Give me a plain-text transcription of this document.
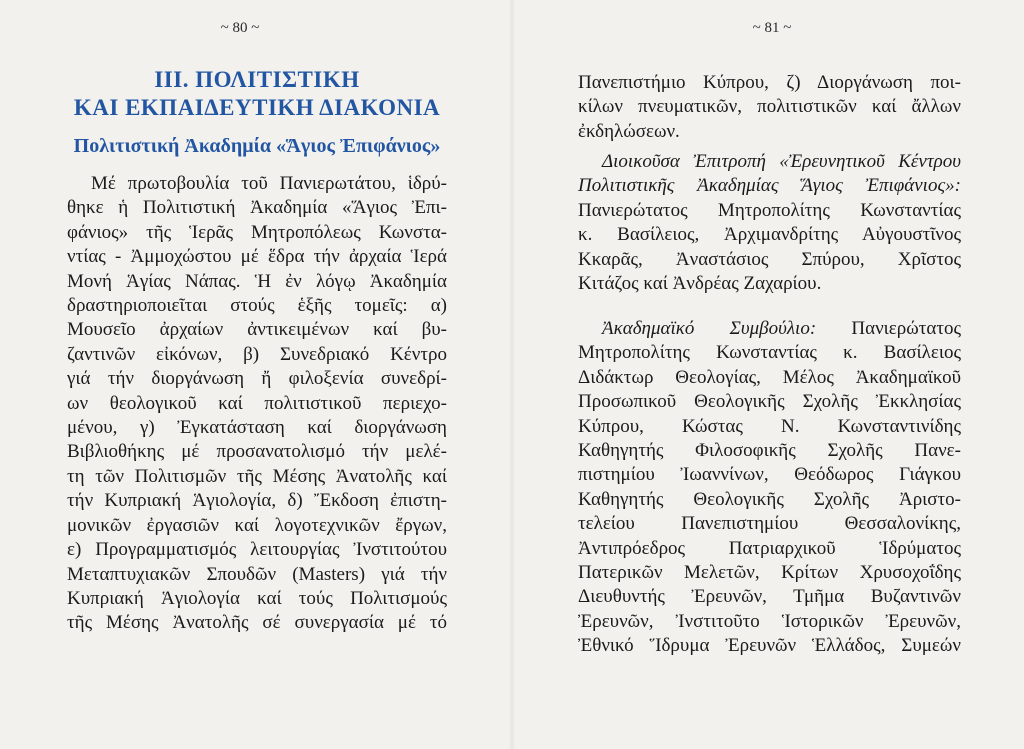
~ 80 ~
III. ΠΟΛΙΤΙΣΤΙΚΗ
ΚΑΙ ΕΚΠΑΙΔΕΥΤΙΚΗ ΔΙΑΚΟΝΙΑ
Πολιτιστική Ἀκαδημία «Ἅγιος Ἐπιφάνιος»
Μέ πρωτοβουλία τοῦ Πανιερωτάτου, ἱδρύ-
θηκε ἡ Πολιτιστική Ἀκαδημία «Ἅγιος Ἐπι-
φάνιος» τῆς Ἱερᾶς Μητροπόλεως Κωνστα-
ντίας - Ἀμμοχώστου μέ ἕδρα τήν ἀρχαία Ἱερά
Μονή Ἁγίας Νάπας. Ἡ ἐν λόγῳ Ἀκαδημία
δραστηριοποιεῖται στούς ἑξῆς τομεῖς: α)
Μουσεῖο ἀρχαίων ἀντικειμένων καί βυ-
ζαντινῶν εἰκόνων, β) Συνεδριακό Κέντρο
γιά τήν διοργάνωση ἤ φιλοξενία συνεδρί-
ων θεολογικοῦ καί πολιτιστικοῦ περιεχο-
μένου, γ) Ἐγκατάσταση καί διοργάνωση
Βιβλιοθήκης μέ προσανατολισμό τήν μελέ-
τη τῶν Πολιτισμῶν τῆς Μέσης Ἀνατολῆς καί
τήν Κυπριακή Ἁγιολογία, δ) Ἔκδοση ἐπιστη-
μονικῶν ἐργασιῶν καί λογοτεχνικῶν ἔργων,
ε) Προγραμματισμός λειτουργίας Ἰνστιτούτου
Μεταπτυχιακῶν Σπουδῶν (Masters) γιά τήν
Κυπριακή Ἁγιολογία καί τούς Πολιτισμούς
τῆς Μέσης Ἀνατολῆς σέ συνεργασία μέ τό
~ 81 ~
Πανεπιστήμιο Κύπρου, ζ) Διοργάνωση ποι-
κίλων πνευματικῶν, πολιτιστικῶν καί ἄλλων
ἐκδηλώσεων.
Διοικοῦσα Ἐπιτροπή «Ἐρευνητικοῦ Κέντρου
Πολιτιστικῆς Ἀκαδημίας Ἅγιος Ἐπιφάνιος»:
Πανιερώτατος Μητροπολίτης Κωνσταντίας
κ. Βασίλειος, Ἀρχιμανδρίτης Αὐγουστῖνος
Κκαρᾶς, Ἀναστάσιος Σπύρου, Χρῖστος
Κιτάζος καί Ἀνδρέας Ζαχαρίου.
Ἀκαδημαϊκό Συμβούλιο: Πανιερώτατος
Μητροπολίτης Κωνσταντίας κ. Βασίλειος
Διδάκτωρ Θεολογίας, Μέλος Ἀκαδημαϊκοῦ
Προσωπικοῦ Θεολογικῆς Σχολῆς Ἐκκλησίας
Κύπρου, Κώστας Ν. Κωνσταντινίδης
Καθηγητής Φιλοσοφικῆς Σχολῆς Πανε-
πιστημίου Ἰωαννίνων, Θεόδωρος Γιάγκου
Καθηγητής Θεολογικῆς Σχολῆς Ἀριστο-
τελείου Πανεπιστημίου Θεσσαλονίκης,
Ἀντιπρόεδρος Πατριαρχικοῦ Ἱδρύματος
Πατερικῶν Μελετῶν, Κρίτων Χρυσοχοΐδης
Διευθυντής Ἐρευνῶν, Τμῆμα Βυζαντινῶν
Ἐρευνῶν, Ἰνστιτοῦτο Ἱστορικῶν Ἐρευνῶν,
Ἐθνικό Ἵδρυμα Ἐρευνῶν Ἑλλάδος, Συμεών
